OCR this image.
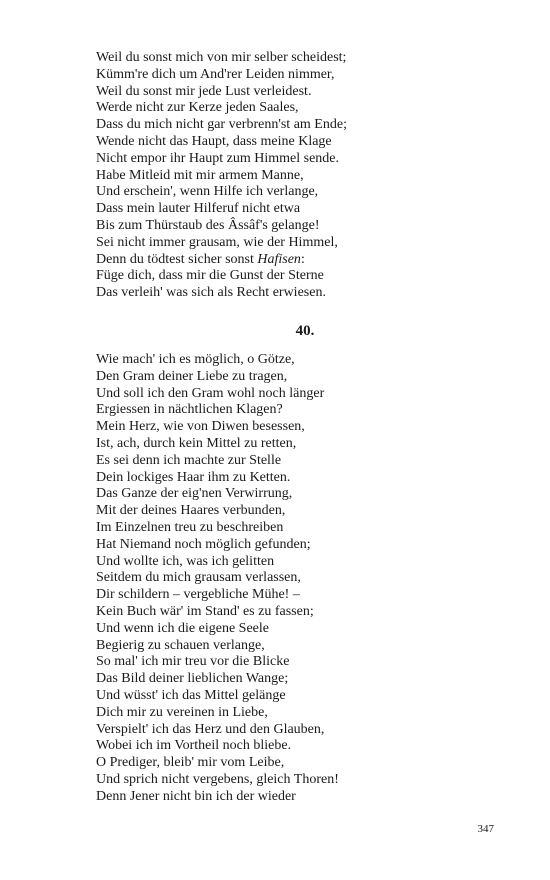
Weil du sonst mich von mir selber scheidest;
Kümm're dich um And'rer Leiden nimmer,
Weil du sonst mir jede Lust verleidest.
Werde nicht zur Kerze jeden Saales,
Dass du mich nicht gar verbrenn'st am Ende;
Wende nicht das Haupt, dass meine Klage
Nicht empor ihr Haupt zum Himmel sende.
Habe Mitleid mit mir armem Manne,
Und erschein', wenn Hilfe ich verlange,
Dass mein lauter Hilferuf nicht etwa
Bis zum Thürstaub des Âssâf's gelange!
Sei nicht immer grausam, wie der Himmel,
Denn du tödtest sicher sonst Hafisen:
Füge dich, dass mir die Gunst der Sterne
Das verleih' was sich als Recht erwiesen.
40.
Wie mach' ich es möglich, o Götze,
Den Gram deiner Liebe zu tragen,
Und soll ich den Gram wohl noch länger
Ergiessen in nächtlichen Klagen?
Mein Herz, wie von Diwen besessen,
Ist, ach, durch kein Mittel zu retten,
Es sei denn ich machte zur Stelle
Dein lockiges Haar ihm zu Ketten.
Das Ganze der eig'nen Verwirrung,
Mit der deines Haares verbunden,
Im Einzelnen treu zu beschreiben
Hat Niemand noch möglich gefunden;
Und wollte ich, was ich gelitten
Seitdem du mich grausam verlassen,
Dir schildern – vergebliche Mühe! –
Kein Buch wär' im Stand' es zu fassen;
Und wenn ich die eigene Seele
Begierig zu schauen verlange,
So mal' ich mir treu vor die Blicke
Das Bild deiner lieblichen Wange;
Und wüsst' ich das Mittel gelänge
Dich mir zu vereinen in Liebe,
Verspielt' ich das Herz und den Glauben,
Wobei ich im Vortheil noch bliebe.
O Prediger, bleib' mir vom Leibe,
Und sprich nicht vergebens, gleich Thoren!
Denn Jener nicht bin ich der wieder
347
